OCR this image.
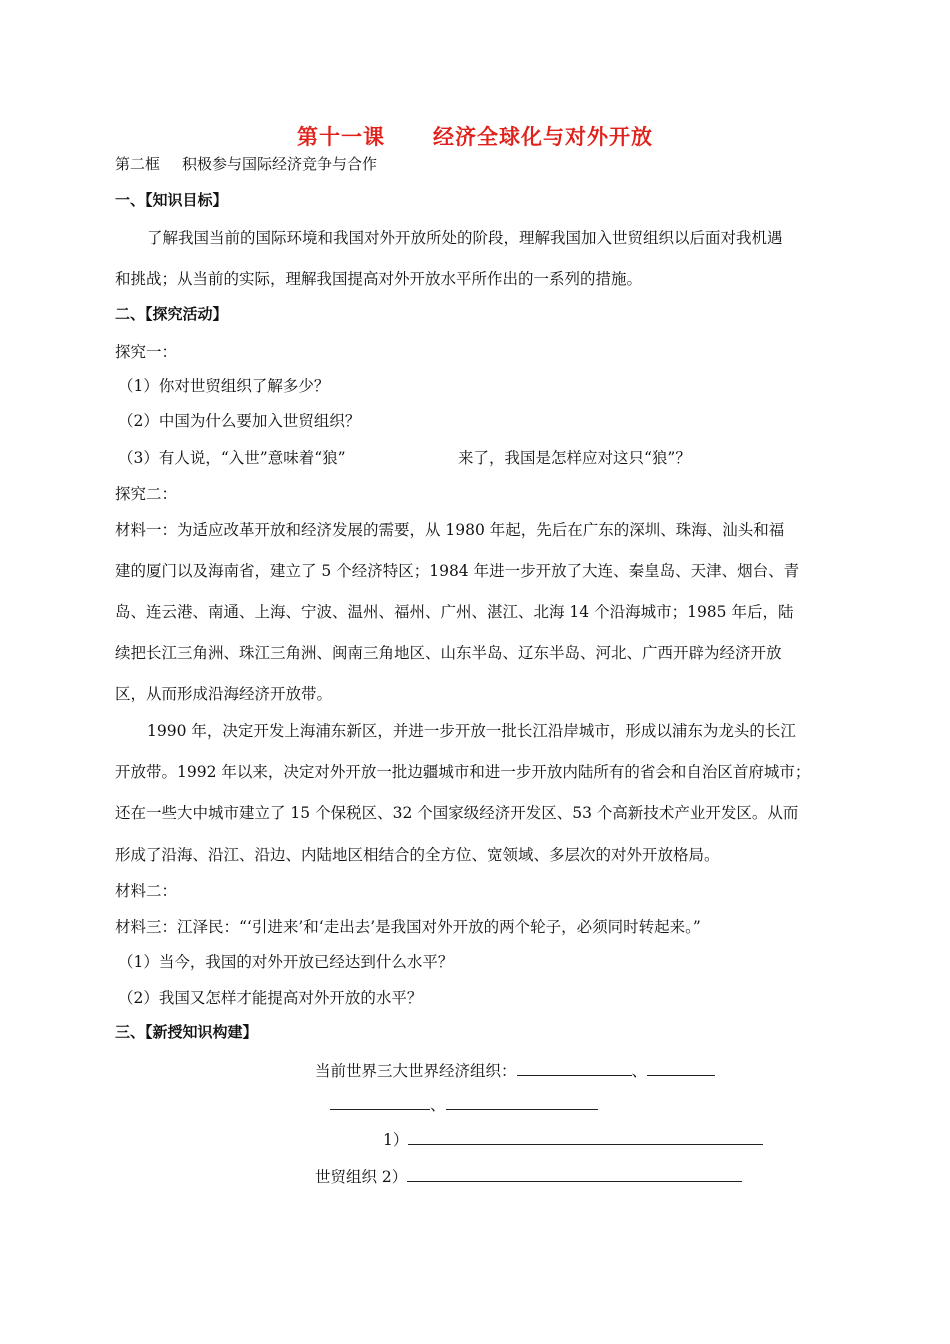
第十一课 经济全球化与对外开放
第二框 积极参与国际经济竞争与合作
一、【知识目标】
了解我国当前的国际环境和我国对外开放所处的阶段，理解我国加入世贸组织以后面对我机遇
和挑战；从当前的实际，理解我国提高对外开放水平所作出的一系列的措施。
二、【探究活动】
探究一：
（1）你对世贸组织了解多少？
（2）中国为什么要加入世贸组织？
（3）有人说，“入世”意味着“狼”	来了，我国是怎样应对这只“狼”？
探究二：
材料一：为适应改革开放和经济发展的需要，从 1980 年起，先后在广东的深圳、珠海、汕头和福
建的厦门以及海南省，建立了 5 个经济特区；1984 年进一步开放了大连、秦皇岛、天津、烟台、青
岛、连云港、南通、上海、宁波、温州、福州、广州、湛江、北海 14 个沿海城市；1985 年后，陆
续把长江三角洲、珠江三角洲、闽南三角地区、山东半岛、辽东半岛、河北、广西开辟为经济开放
区，从而形成沿海经济开放带。
1990 年，决定开发上海浦东新区，并进一步开放一批长江沿岸城市，形成以浦东为龙头的长江
开放带。1992 年以来，决定对外开放一批边疆城市和进一步开放内陆所有的省会和自治区首府城市；
还在一些大中城市建立了 15 个保税区、32 个国家级经济开发区、53 个高新技术产业开发区。从而
形成了沿海、沿江、沿边、内陆地区相结合的全方位、宽领域、多层次的对外开放格局。
材料二：
材料三：江泽民：“‘引进来’和‘走出去’是我国对外开放的两个轮子，必须同时转起来。”
（1）当今，我国的对外开放已经达到什么水平？
（2）我国又怎样才能提高对外开放的水平？
三、【新授知识构建】
当前世界三大世界经济组织：	、
、
1）
世贸组织 2）
